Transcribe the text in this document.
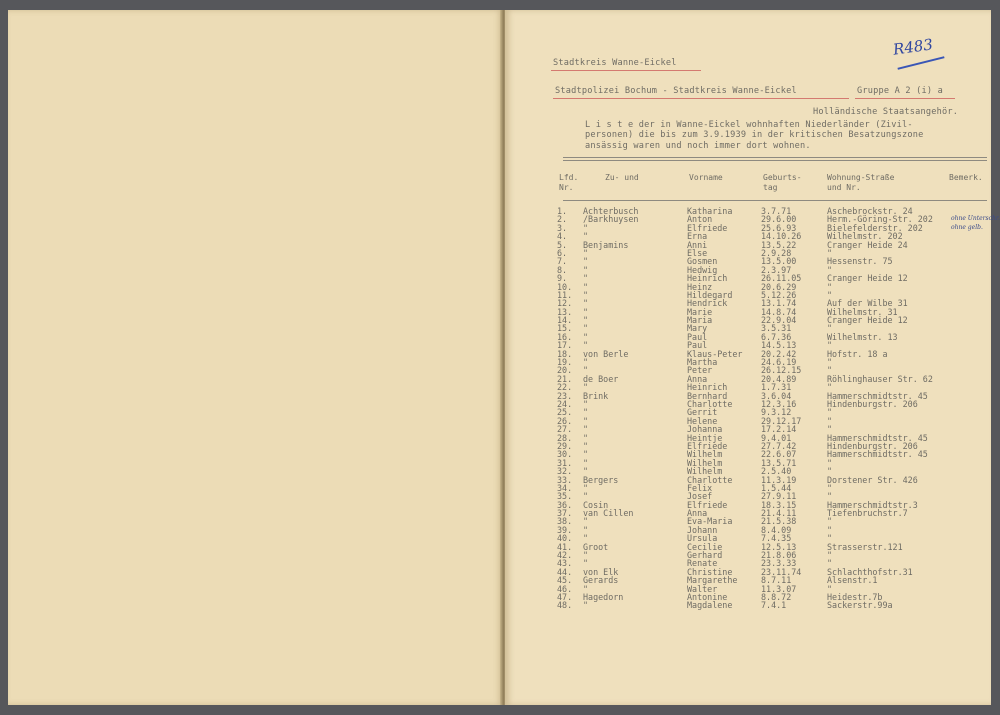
R483
Stadtkreis Wanne-Eickel
Stadtpolizei Bochum - Stadtkreis Wanne-Eickel	Gruppe A 2 (i) a
Holländische Staatsangehör.
L i s t e der in Wanne-Eickel wohnhaften Niederländer (Zivil-
personen) die bis zum 3.9.1939 in der kritischen Besatzungszone
ansässig waren und noch immer dort wohnen.
Lfd.
Nr.
Zu- und	Vorname	Geburts-
tag
Wohnung-Straße
und Nr.
Bemerk.
1. Achterbusch	Katharina	3.7.71	Aschebrockstr. 24
2. /Barkhuysen	Anton	29.6.00	Herm.-Göring-Str. 202	ohne Unterschr.
3. "	Elfriede	25.6.93	Bielefelderstr. 202	ohne gelb.
4. "	Erna	14.10.26	Wilhelmstr. 202
5. Benjamins	Anni	13.5.22	Cranger Heide 24
6. "	Else	2.9.28	"
7. "	Gosmen	13.5.00	Hessenstr. 75
8. "	Hedwig	2.3.97	"
9. "	Heinrich	26.11.05	Cranger Heide 12
10. "	Heinz	20.6.29	"
11. "	Hildegard	5.12.26	"
12. "	Hendrick	13.1.74	Auf der Wilbe 31
13. "	Marie	14.8.74	Wilhelmstr. 31
14. "	Maria	22.9.04	Cranger Heide 12
15. "	Mary	3.5.31	"
16. "	Paul	6.7.36	Wilhelmstr. 13
17. "	Paul	14.5.13	"
18. von Berle	Klaus-Peter 20.2.42	Hofstr. 18 a
19. "	Martha	24.6.19	"
20. "	Peter	26.12.15	"
21. de Boer	Anna	20.4.89	Röhlinghauser Str. 62
22. "	Heinrich	1.7.31	"
23. Brink	Bernhard	3.6.04	Hammerschmidtstr. 45
24. "	Charlotte	12.3.16	Hindenburgstr. 206
25. "	Gerrit	9.3.12	"
26. "	Helene	29.12.17	"
27. "	Johanna	17.2.14	"
28. "	Heintje	9.4.01	Hammerschmidtstr. 45
29. "	Elfriede	27.7.42	Hindenburgstr. 206
30. "	Wilhelm	22.6.07	Hammerschmidtstr. 45
31. "	Wilhelm	13.5.71	"
32. "	Wilhelm	2.5.40	"
33. Bergers	Charlotte	11.3.19	Dorstener Str. 426
34. "	Felix	1.5.44	"
35. "	Josef	27.9.11	"
36. Cosin	Elfriede	18.3.15	Hammerschmidtstr.3
37. van Cillen	Anna	21.4.11	Tiefenbruchstr.7
38. "	Eva-Maria	21.5.38	"
39. "	Johann	8.4.09	"
40. "	Ursula	7.4.35	"
41. Groot	Cecilie	12.5.13	Strasserstr.121
42. "	Gerhard	21.8.06	"
43. "	Renate	23.3.33	"
44. von Elk	Christine	23.11.74	Schlachthofstr.31
45. Gerards	Margarethe	8.7.11	Alsenstr.1
46. "	Walter	11.3.07	"
47. Hagedorn	Antonine	8.8.72	Heidestr.7b
48. "	Magdalene	7.4.1	Sackerstr.99a
